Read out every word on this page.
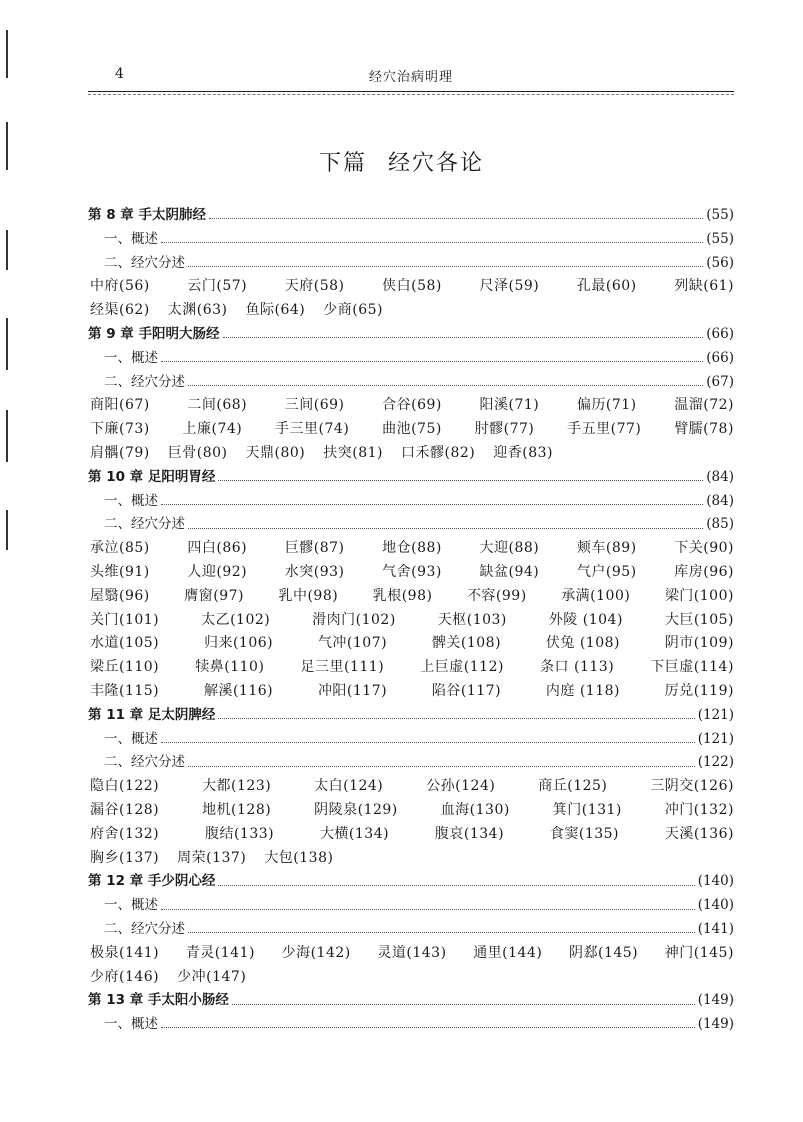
4	经穴治病明理
下篇 经穴各论
第 8 章 手太阴肺经	(55)
一、概述	(55)
二、经穴分述	(56)
中府(56)	云门(57)	天府(58)	侠白(58)	尺泽(59)	孔最(60)	列缺(61)
经渠(62) 太渊(63) 鱼际(64) 少商(65)
第 9 章 手阳明大肠经	(66)
一、概述	(66)
二、经穴分述	(67)
商阳(67)	二间(68)	三间(69)	合谷(69)	阳溪(71)	偏历(71)	温溜(72)
下廉(73) 上廉(74) 手三里(74) 曲池(75) 肘髎(77) 手五里(77) 臂臑(78)
肩髃(79) 巨骨(80) 天鼎(80) 扶突(81) 口禾髎(82) 迎香(83)
第 10 章 足阳明胃经	(84)
一、概述	(84)
二、经穴分述	(85)
承泣(85)	四白(86)	巨髎(87)	地仓(88)	大迎(88)	颊车(89)	下关(90)
头维(91)	人迎(92)	水突(93)	气舍(93)	缺盆(94)	气户(95)	库房(96)
屋翳(96) 膺窗(97) 乳中(98) 乳根(98) 不容(99) 承满(100) 梁门(100)
关门(101)	太乙(102)	滑肉门(102)	天枢(103)	外陵 (104)	大巨(105)
水道(105)	归来(106)	气冲(107)	髀关(108)	伏兔 (108)	阴市(109)
梁丘(110)	犊鼻(110)	足三里(111)	上巨虚(112)	条口 (113)	下巨虚(114)
丰隆(115)	解溪(116)	冲阳(117)	陷谷(117)	内庭 (118)	厉兑(119)
第 11 章 足太阴脾经	(121)
一、概述	(121)
二、经穴分述	(122)
隐白(122)	大都(123)	太白(124)	公孙(124)	商丘(125)	三阴交(126)
漏谷(128)	地机(128)	阴陵泉(129)	血海(130)	箕门(131)	冲门(132)
府舍(132)	腹结(133)	大横(134)	腹哀(134)	食窦(135)	天溪(136)
胸乡(137) 周荣(137) 大包(138)
第 12 章 手少阴心经	(140)
一、概述	(140)
二、经穴分述	(141)
极泉(141) 青灵(141) 少海(142) 灵道(143) 通里(144) 阴郄(145) 神门(145)
少府(146) 少冲(147)
第 13 章 手太阳小肠经	(149)
一、概述	(149)
